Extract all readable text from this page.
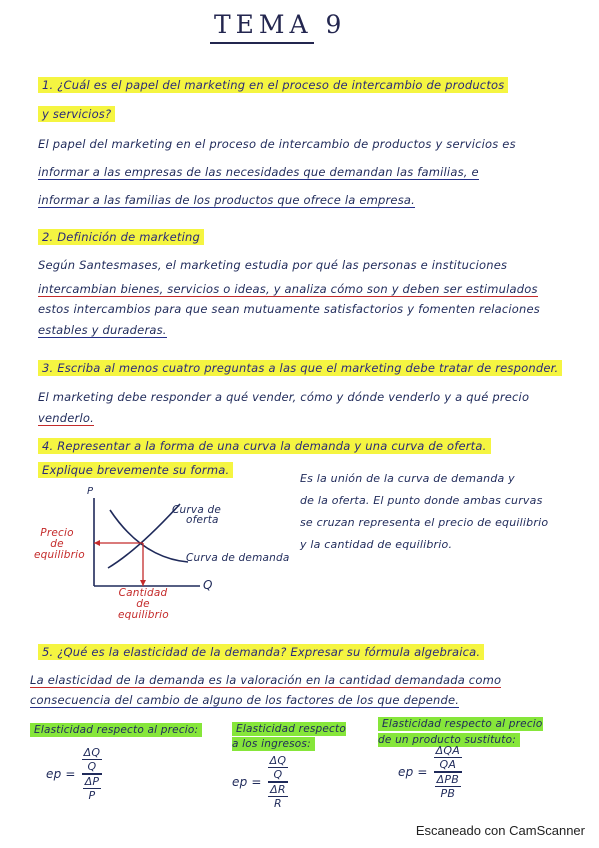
TEMA 9
1. ¿Cuál es el papel del marketing en el proceso de intercambio de productos
y servicios?
El papel del marketing en el proceso de intercambio de productos y servicios es
informar a las empresas de las necesidades que demandan las familias, e
informar a las familias de los productos que ofrece la empresa.
2. Definición de marketing
Según Santesmases, el marketing estudia por qué las personas e instituciones
intercambian bienes, servicios o ideas, y analiza cómo son y deben ser estimulados
estos intercambios para que sean mutuamente satisfactorios y fomenten relaciones
estables y duraderas.
3. Escriba al menos cuatro preguntas a las que el marketing debe tratar de responder.
El marketing debe responder a qué vender, cómo y dónde venderlo y a qué precio
venderlo.
4. Representar a la forma de una curva la demanda y una curva de oferta.
Explique brevemente su forma.
Es la unión de la curva de demanda y
de la oferta. El punto donde ambas curvas
se cruzan representa el precio de equilibrio
y la cantidad de equilibrio.
P
Q
Curva de
oferta
Curva de demanda
Precio
de
equilibrio
Cantidad
de
equilibrio
5. ¿Qué es la elasticidad de la demanda? Expresar su fórmula algebraica.
La elasticidad de la demanda es la valoración en la cantidad demandada como
consecuencia del cambio de alguno de los factores de los que depende.
Elasticidad respecto al precio:	Elasticidad respecto a los ingresos:
Elasticidad respecto al precio de un producto sustituto:
ep = $\frac{\frac{\Delta Q}{Q}}{\frac{\Delta P}{P}}$	ep = $\frac{\frac{\Delta Q}{Q}}{\frac{\Delta R}{R}}$	ep = $\frac{\frac{\text{ΔQA}}{QA}}{\frac{\text{ΔPB}}{PB}}$
Escaneado con CamScanner
